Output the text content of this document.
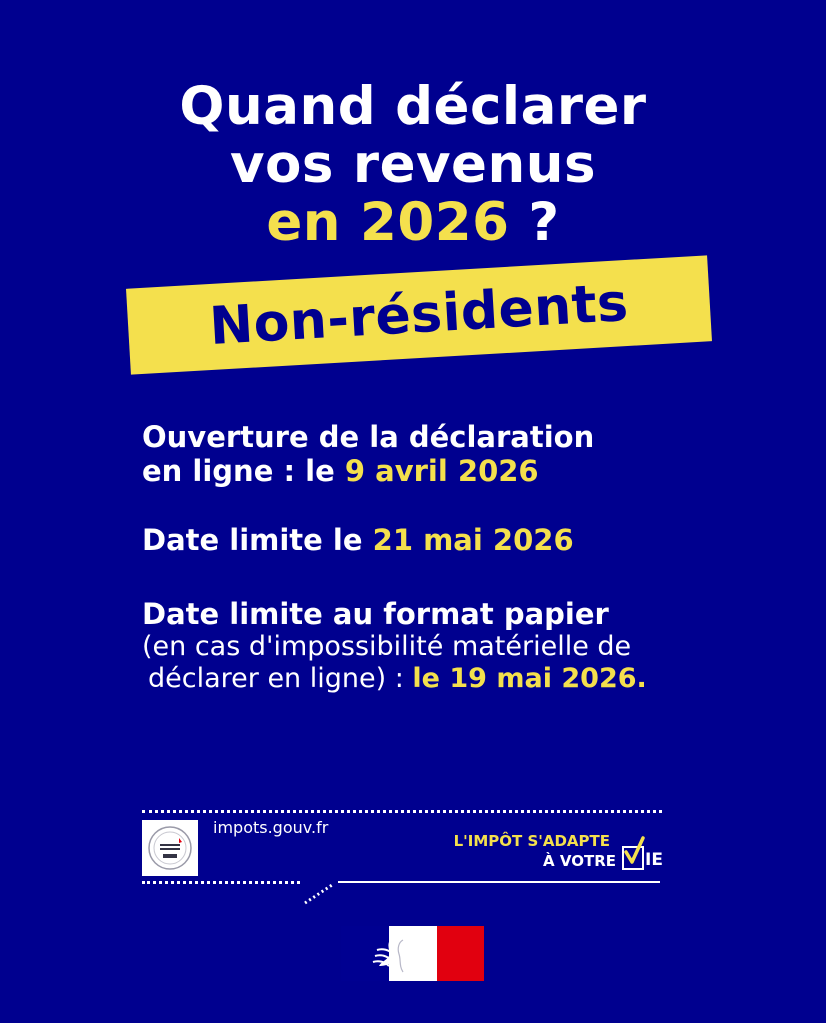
Quand déclarer
vos revenus
en 2026 ?
Non-résidents
Ouverture de la déclaration
en ligne : le 9 avril 2026
Date limite le 21 mai 2026
Date limite au format papier
(en cas d'impossibilité matérielle de
déclarer en ligne) : le 19 mai 2026.
impots.gouv.fr
L'IMPÔT S'ADAPTE
À VOTRE IE
